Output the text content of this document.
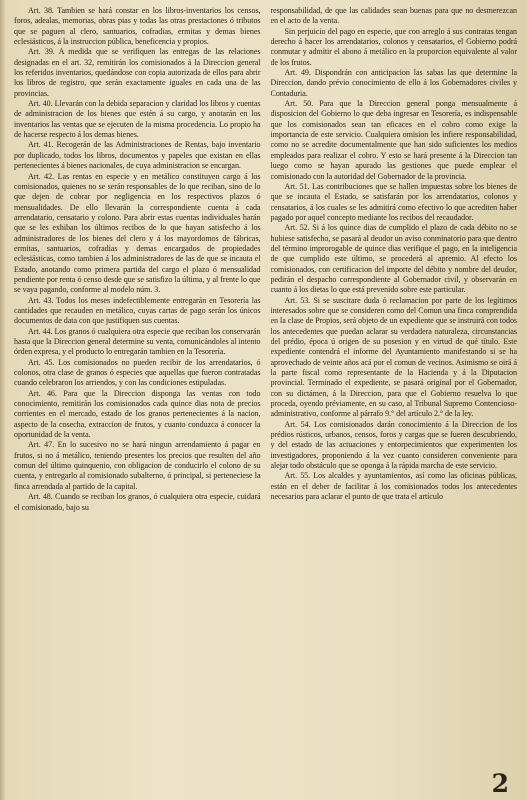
Art. 38. Tambien se hará constar en los libros-inventarios los censos, foros, adealas, memorias, obras pias y todas las otras prestaciones ó tributos que se paguen al clero, santuarios, cofradias, ermitas y demas bienes eclesiásticos, á la instruccion pública, beneficencia y propios.

Art. 39. A medida que se verifiquen las entregas de las relaciones designadas en el art. 32, remitirán los comisionados á la Direccion general los referidos inventarios, quedándose con copia autorizada de ellos para abrir los libros de registro, que serán exactamente iguales en cada una de las provincias.

Art. 40. Llevarán con la debida separacion y claridad los libros y cuentas de administracion de los bienes que estén á su cargo, y anotarán en los inventarios las ventas que se ejecuten de la misma procedencia. Lo propio ha de hacerse respecto á los demas bienes.

Art. 41. Recogerán de las Administraciones de Rentas, bajo inventario por duplicado, todos los libros, documentos y papeles que existan en ellas pertenecientes á bienes nacionales, de cuya administracion se encargan.

Art. 42. Las rentas en especie y en metálico constituyen cargo á los comisionados, quienes no se serán responsables de lo que reciban, sino de lo que dejen de cobrar por negligencia en los respectivos plazos ó mensualidades. De ello llevarán la correspondiente cuenta á cada arrendatario, censatario y colono. Para abrir estas cuentas individuales harán que se les exhiban los últimos recibos de lo que hayan satisfecho á los administradores de los bienes del clero y á los mayordomos de fábricas, ermitas, santuarios, cofradias y demas encargados de propiedades eclesiásticas, como tambien á los administradores de las de que se incauta el Estado, anotando como primera partida del cargo el plazo ó mensualidad pendiente por renta ó censo desde que se satisfizo la última, y al frente lo que se vaya pagando, conforme al modelo núm. 3.

Art. 43. Todos los meses indefectiblemente entregarán en Tesorería las cantidades que recauden en metálico, cuyas cartas de pago serán los únicos documentos de data con que justifiquen sus cuentas.

Art. 44. Los granos ó cualquiera otra especie que reciban los conservarán hasta que la Direccion general determine su venta, comunicándoles al intento órden expresa, y el producto lo entregarán tambien en la Tesorería.

Art. 45. Los comisionados no pueden recibir de los arrendatarios, ó colonos, otra clase de granos ó especies que aquellas que fueron contratadas cuando celebraron los arriendos, y con las condiciones estipuladas.

Art. 46. Para que la Direccion disponga las ventas con todo conocimiento, remitirán los comisionados cada quince dias nota de precios corrientes en el mercado, estado de los granos pertenecientes á la nacion, aspecto de la cosecha, extraccion de frutos, y cuanto conduzca á conocer la oportunidad de la venta.

Art. 47. En lo sucesivo no se hará ningun arrendamiento á pagar en frutos, si no á metálico, teniendo presentes los precios que resulten del año comun del último quinquenio, con obligacion de conducirlo el colono de su cuenta, y entregarlo al comisionado subalterno, ó principal, si perteneciese la finca arrendada al partido de la capital.

Art. 48. Cuando se reciban los granos, ó cualquiera otra especie, cuidará el comisionado, bajo su

responsabilidad, de que las calidades sean buenas para que no desmerezcan en el acto de la venta.

Sin perjuicio del pago en especie, que con arreglo á sus contratas tengan derecho á hacer los arrendatarios, colonos y censatarios, el Gobierno podrá conmutar y admitir el abono á metálico en la proporcion equivalente al valor de los frutos.

Art. 49. Dispondrán con anticipacion las sabas las que determine la Direccion, dando prévio conocimiento de ello á los Gobernadores civiles y Contaduria.

Art. 50. Para que la Direccion general ponga mensualmente á disposicion del Gobierno lo que deba ingresar en Tesorería, es indispensable que los comisionados sean tan eficaces en el cobro como exige la importancia de este servicio. Cualquiera omision les infiere responsabilidad, como no se acredite documentalmente que han sido suficientes los medios empleados para realizar el cobro. Y esto se hará presente á la Direccion tan luego como se hayan apurado las gestiones que puede emplear el comisionado con la autoridad del Gobernador de la provincia.

Art. 51. Las contribuciones que se hallen impuestas sobre los bienes de que se incauta el Estado, se satisfarán por los arrendatarios, colonos y censatarios, á los cuales se les admitirá como efectivo lo que acrediten haber pagado por aquel concepto mediante los recibos del recaudador.

Art. 52. Si á los quince dias de cumplido el plazo de cada débito no se hubiese satisfecho, se pasará al deudor un aviso conminatorio para que dentro del término improrogable de quince dias verifique el pago, en la inteligencia de que cumplido este último, se procederá al apremio. Al efecto los comisionados, con certificacion del importe del débito y nombre del deudor, pedirán el despacho correspondiente al Gobernador civil, y observarán en cuanto á los dietas lo que está prevenido sobre este particular.

Art. 53. Si se suscitare duda ó reclamacion por parte de los legítimos interesados sobre que se consideren como del Comun una finca comprendida en la clase de Propios, será objeto de un expediente que se instruirá con todos los antecedentes que puedan aclarar su verdadera naturaleza, circunstancias del prédio, época ú origen de su posesion y en virtud de qué título. Este expediente contendrá el informe del Ayuntamiento manifestando si se ha aprovechado de veinte años acá por el comun de vecinos. Asimismo se oirá á la parte fiscal como representante de la Hacienda y á la Diputacion provincial. Terminado el expediente, se pasará original por el Gobernador, con su dictámen, á la Direccion, para que el Gobierno resuelva lo que proceda, oyendo préviamente, en su caso, al Tribunal Supremo Contencioso-administrativo, conforme al párrafo 9.° del artículo 2.° de la ley.

Art. 54. Los comisionados darán conocimiento á la Direccion de los prédios rústicos, urbanos, censos, foros y cargas que se fueren descubriendo, y del estado de las actuaciones y entorpecimientos que experimenten los investigadores, proponiendo á la vez cuanto consideren conveniente para alejar todo obstáculo que se oponga á la rápida marcha de este servicio.

Art. 55. Los alcaldes y ayuntamientos, así como las oficinas públicas, están en el deber de facilitar á los comisionados todos los antecedentes necesarios para aclarar el punto de que trata el artículo

2
